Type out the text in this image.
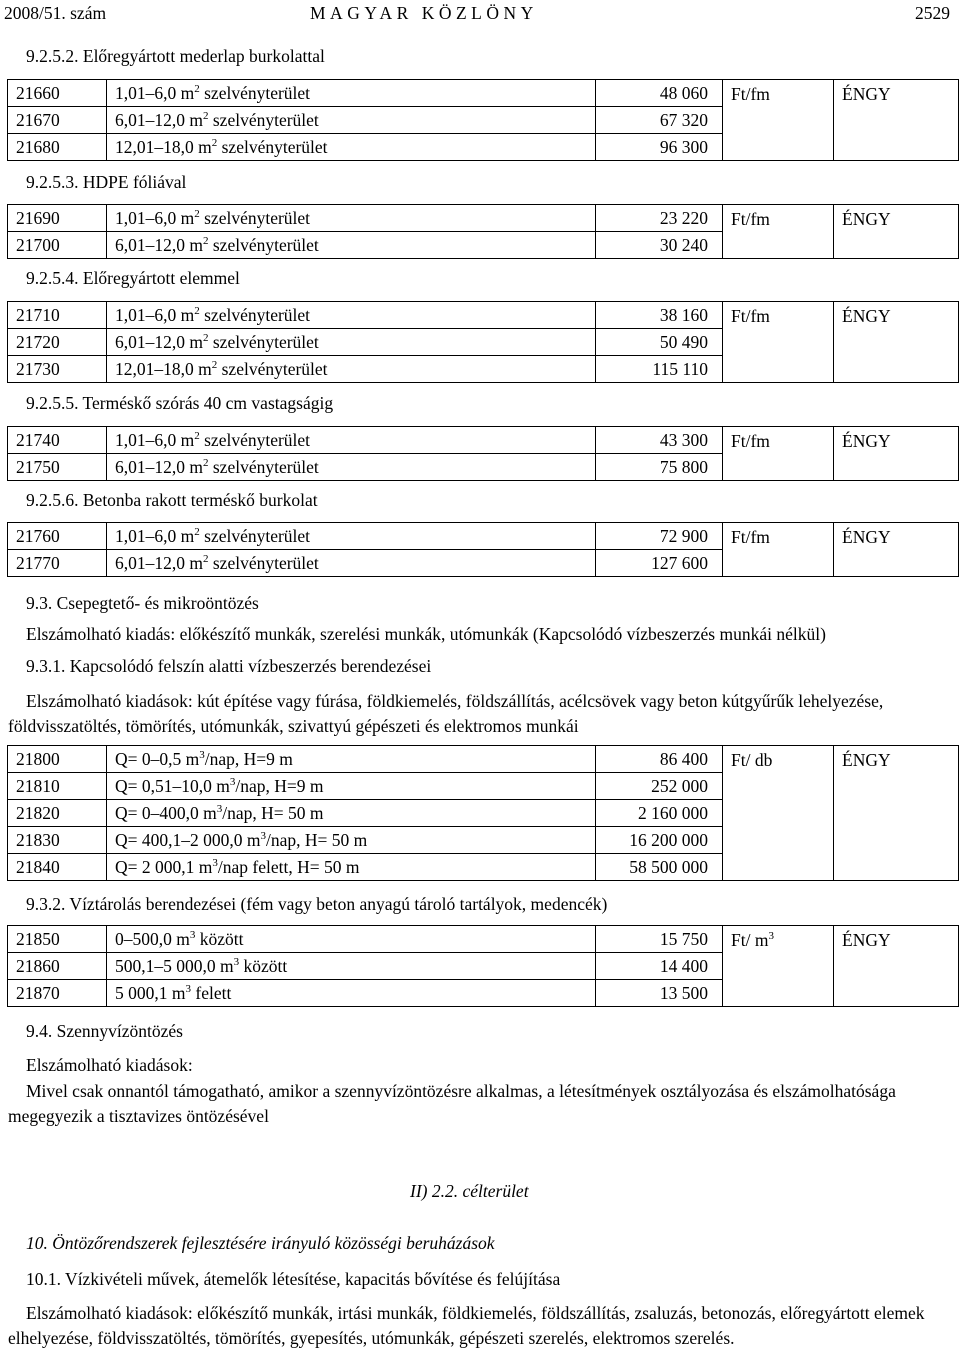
2008/51. szám	MAGYAR KÖZLÖNY	2529
9.2.5.2. Előregyártott mederlap burkolattal
21660	1,01–6,0 $m^2$ szelvényterület	48 060	Ft/fm	ÉNGY
21670	6,01–12,0 $m^2$ szelvényterület	67 320		
21680	12,01–18,0 $m^2$ szelvényterület	96 300		
9.2.5.3. HDPE fóliával
21690	1,01–6,0 $m^2$ szelvényterület	23 220	Ft/fm	ÉNGY
21700	6,01–12,0 $m^2$ szelvényterület	30 240		
9.2.5.4. Előregyártott elemmel
21710	1,01–6,0 $m^2$ szelvényterület	38 160	Ft/fm	ÉNGY
21720	6,01–12,0 $m^2$ szelvényterület	50 490		
21730	12,01–18,0 $m^2$ szelvényterület	115 110		
9.2.5.5. Terméskő szórás 40 cm vastagságig
21740	1,01–6,0 $m^2$ szelvényterület	43 300	Ft/fm	ÉNGY
21750	6,01–12,0 $m^2$ szelvényterület	75 800		
9.2.5.6. Betonba rakott terméskő burkolat
21760	1,01–6,0 $m^2$ szelvényterület	72 900	Ft/fm	ÉNGY
21770	6,01–12,0 $m^2$ szelvényterület	127 600		
9.3. Csepegtető- és mikroöntözés
Elszámolható kiadás: előkészítő munkák, szerelési munkák, utómunkák (Kapcsolódó vízbeszerzés munkái nélkül)
9.3.1. Kapcsolódó felszín alatti vízbeszerzés berendezései
Elszámolható kiadások: kút építése vagy fúrása, földkiemelés, földszállítás, acélcsövek vagy beton kútgyűrűk lehelyezése, földvisszatöltés, tömörítés, utómunkák, szivattyú gépészeti és elektromos munkái
21800	Q= 0–0,5 $m^3$/nap, H=9 m	86 400	Ft/ db	ÉNGY
21810	Q= 0,51–10,0 $m^3$/nap, H=9 m	252 000		
21820	Q= 0–400,0 $m^3$/nap, H= 50 m	2 160 000		
21830	Q= 400,1–2 000,0 $m^3$/nap, H= 50 m	16 200 000		
21840	Q= 2 000,1 $m^3$/nap felett, H= 50 m	58 500 000		
9.3.2. Víztárolás berendezései (fém vagy beton anyagú tároló tartályok, medencék)
21850	0–500,0 $m^3$ között	15 750	Ft/ $m^3$	ÉNGY
21860	500,1–5 000,0 $m^3$ között	14 400		
21870	5 000,1 $m^3$ felett	13 500		
9.4. Szennyvízöntözés
Elszámolható kiadások:
Mivel csak onnantól támogatható, amikor a szennyvízöntözésre alkalmas, a létesítmények osztályozása és elszámolhatósága megegyezik a tisztavizes öntözésével
II) 2.2. célterület
10. Öntözőrendszerek fejlesztésére irányuló közösségi beruházások
10.1. Vízkivételi művek, átemelők létesítése, kapacitás bővítése és felújítása
Elszámolható kiadások: előkészítő munkák, irtási munkák, földkiemelés, földszállítás, zsaluzás, betonozás, előregyártott elemek elhelyezése, földvisszatöltés, tömörítés, gyepesítés, utómunkák, gépészeti szerelés, elektromos szerelés.
